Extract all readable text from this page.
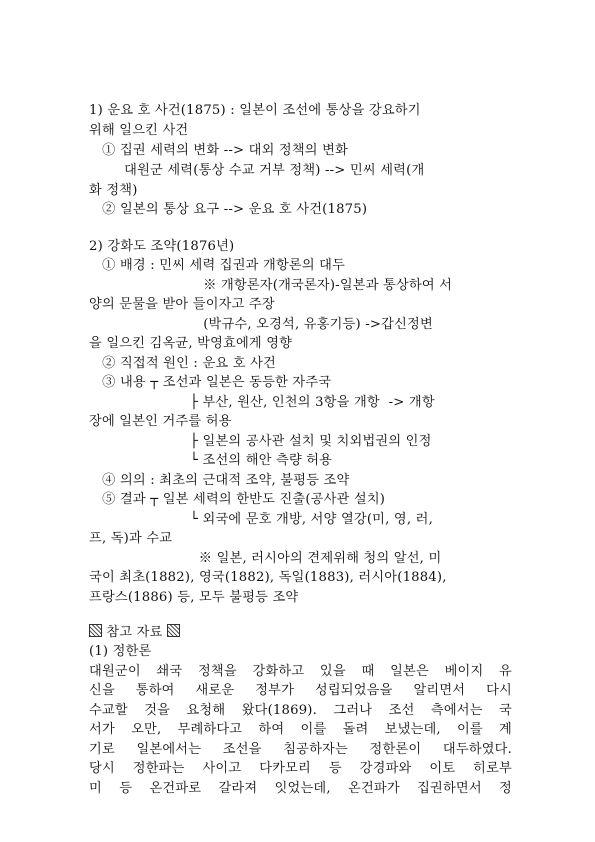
1) 운요 호 사건(1875) : 일본이 조선에 통상을 강요하기
위해 일으킨 사건
① 집권 세력의 변화 --> 대외 정책의 변화
대원군 세력(통상 수교 거부 정책) --> 민씨 세력(개
화 정책)
② 일본의 통상 요구 --> 운요 호 사건(1875)
2) 강화도 조약(1876년)
① 배경 : 민씨 세력 집권과 개항론의 대두
※ 개항론자(개국론자)-일본과 통상하여 서
양의 문물을 받아 들이자고 주장
(박규수, 오경석, 유홍기등) ->갑신정변
을 일으킨 김옥균, 박영효에게 영향
② 직접적 원인 : 운요 호 사건
③ 내용 ┬ 조선과 일본은 동등한 자주국
├ 부산, 원산, 인천의 3항을 개항  -> 개항
장에 일본인 거주를 허용
├ 일본의 공사관 설치 및 치외법권의 인정
└ 조선의 해안 측량 허용
④ 의의 : 최초의 근대적 조약, 불평등 조약
⑤ 결과 ┬ 일본 세력의 한반도 진출(공사관 설치)
└ 외국에 문호 개방, 서양 열강(미, 영, 러,
프, 독)과 수교
※ 일본, 러시아의 견제위해 청의 알선, 미
국이 최초(1882), 영국(1882), 독일(1883), 러시아(1884),
프랑스(1886) 등, 모두 불평등 조약
참고 자료
(1) 정한론
대원군이 쇄국 정책을 강화하고 있을 때 일본은 베이지 유
신을 통하여 새로운 정부가 성립되었음을 알리면서 다시
수교할 것을 요청해 왔다(1869). 그러나 조선 측에서는 국
서가 오만, 무례하다고 하여 이를 돌려 보냈는데, 이를 계
기로 일본에서는 조선을 침공하자는 정한론이 대두하였다.
당시 정한파는 사이고 다카모리 등 강경파와 이토 히로부
미 등 온건파로 갈라져 잇었는데, 온건파가 집권하면서 정
